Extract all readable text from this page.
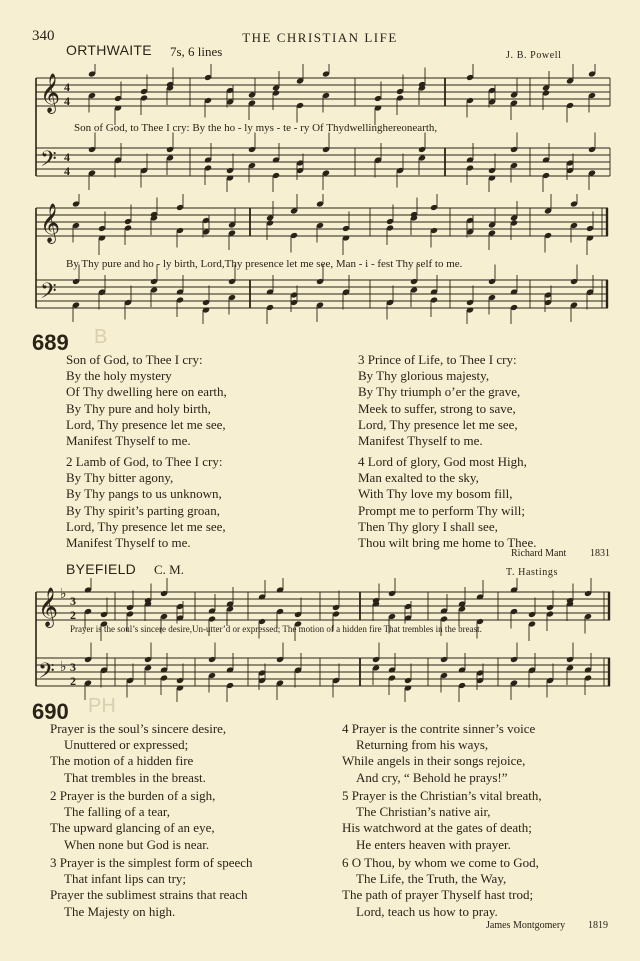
340	THE CHRISTIAN LIFE
ORTHWAITE 7s, 6 lines	J. B. Powell
𝄞
𝄢
4
4
4
4
Son of God, to Thee I cry: By the ho - ly mys - te - ry Of Thydwellinghereonearth,
𝄞
𝄢
By Thy pure and ho - ly birth, Lord,Thy presence let me see, Man - i - fest Thy self to me.
689 B
Son of God, to Thee I cry:
By the holy mystery
Of Thy dwelling here on earth,
By Thy pure and holy birth,
Lord, Thy presence let me see,
Manifest Thyself to me.
2 Lamb of God, to Thee I cry:
By Thy bitter agony,
By Thy pangs to us unknown,
By Thy spirit’s parting groan,
Lord, Thy presence let me see,
Manifest Thyself to me.
3 Prince of Life, to Thee I cry:
By Thy glorious majesty,
By Thy triumph o’er the grave,
Meek to suffer, strong to save,
Lord, Thy presence let me see,
Manifest Thyself to me.
4 Lord of glory, God most High,
Man exalted to the sky,
With Thy love my bosom fill,
Prompt me to perform Thy will;
Then Thy glory I shall see,
Thou wilt bring me home to Thee.
Richard Mant 1831
BYEFIELD C. M.	T. Hastings
𝄞
𝄢
♭
♭
3
2
3
2
Prayer is the soul’s sincere desire,Un-utter’d or expressed; The motion of a hidden fire That trembles in the breast.
690 PH
Prayer is the soul’s sincere desire,
Unuttered or expressed;
The motion of a hidden fire
That trembles in the breast.
2 Prayer is the burden of a sigh,
The falling of a tear,
The upward glancing of an eye,
When none but God is near.
3 Prayer is the simplest form of speech
That infant lips can try;
Prayer the sublimest strains that reach
The Majesty on high.
4 Prayer is the contrite sinner’s voice
Returning from his ways,
While angels in their songs rejoice,
And cry, “ Behold he prays!”
5 Prayer is the Christian’s vital breath,
The Christian’s native air,
His watchword at the gates of death;
He enters heaven with prayer.
6 O Thou, by whom we come to God,
The Life, the Truth, the Way,
The path of prayer Thyself hast trod;
Lord, teach us how to pray.
James Montgomery 1819
